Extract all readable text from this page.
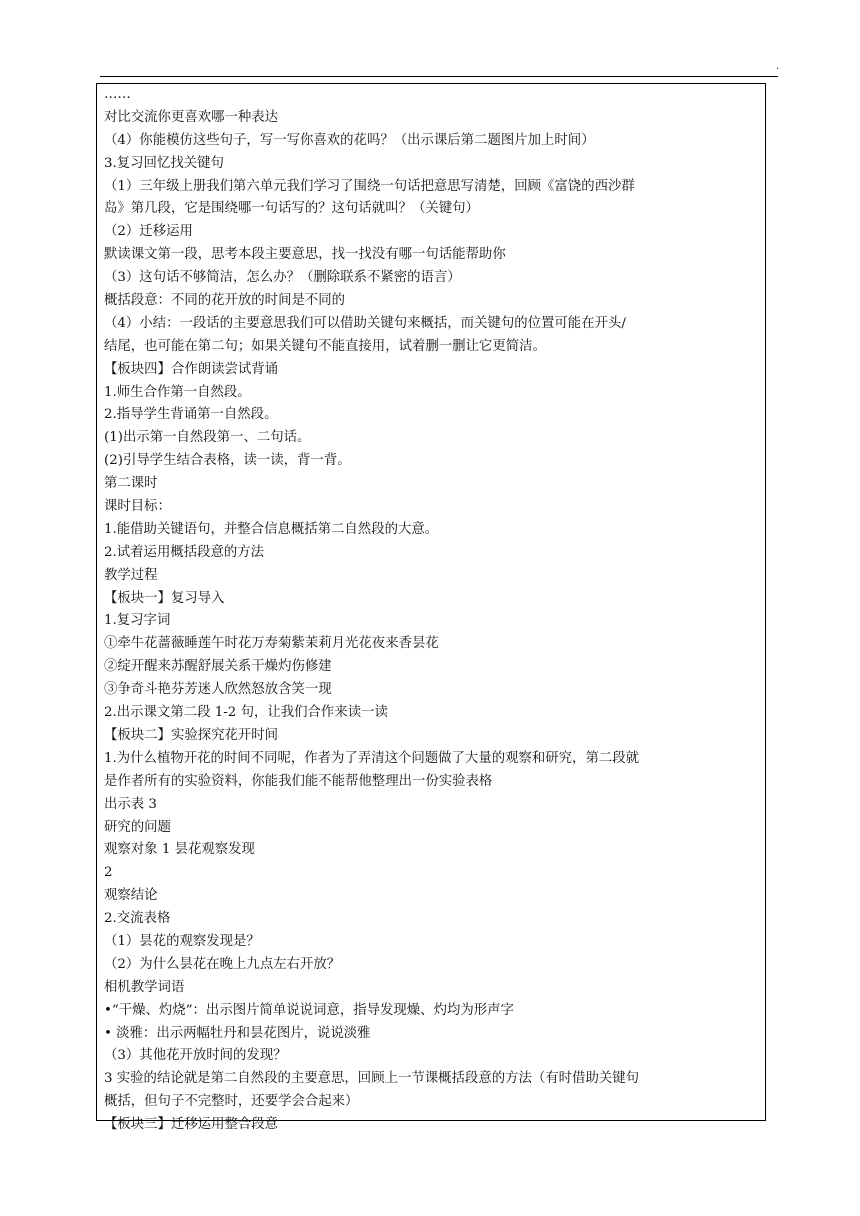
.
……
对比交流你更喜欢哪一种表达
（4）你能模仿这些句子，写一写你喜欢的花吗？（出示课后第二题图片加上时间）
3.复习回忆找关键句
（1）三年级上册我们第六单元我们学习了围绕一句话把意思写清楚，回顾《富饶的西沙群
岛》第几段，它是围绕哪一句话写的？这句话就叫？（关键句）
（2）迁移运用
默读课文第一段，思考本段主要意思，找一找没有哪一句话能帮助你
（3）这句话不够简洁，怎么办？（删除联系不紧密的语言）
概括段意：不同的花开放的时间是不同的
（4）小结：一段话的主要意思我们可以借助关键句来概括，而关键句的位置可能在开头/
结尾，也可能在第二句；如果关键句不能直接用，试着删一删让它更简洁。
【板块四】合作朗读尝试背诵
1.师生合作第一自然段。
2.指导学生背诵第一自然段。
(1)出示第一自然段第一、二句话。
(2)引导学生结合表格，读一读，背一背。
第二课时
课时目标：
1.能借助关键语句，并整合信息概括第二自然段的大意。
2.试着运用概括段意的方法
教学过程
【板块一】复习导入
1.复习字词
①牵牛花蔷薇睡莲午时花万寿菊紫茉莉月光花夜来香昙花
②绽开醒来苏醒舒展关系干燥灼伤修建
③争奇斗艳芬芳迷人欣然怒放含笑一现
2.出示课文第二段 1-2 句，让我们合作来读一读
【板块二】实验探究花开时间
1.为什么植物开花的时间不同呢，作者为了弄清这个问题做了大量的观察和研究，第二段就
是作者所有的实验资料，你能我们能不能帮他整理出一份实验表格
出示表 3
研究的问题
观察对象 1 昙花观察发现
2
观察结论
2.交流表格
（1）昙花的观察发现是？
（2）为什么昙花在晚上九点左右开放？
相机教学词语
•“干燥、灼烧”：出示图片简单说说词意，指导发现燥、灼均为形声字
• 淡雅：出示两幅牡丹和昙花图片，说说淡雅
（3）其他花开放时间的发现？
3 实验的结论就是第二自然段的主要意思，回顾上一节课概括段意的方法（有时借助关键句
概括，但句子不完整时，还要学会合起来）
【板块三】迁移运用整合段意
